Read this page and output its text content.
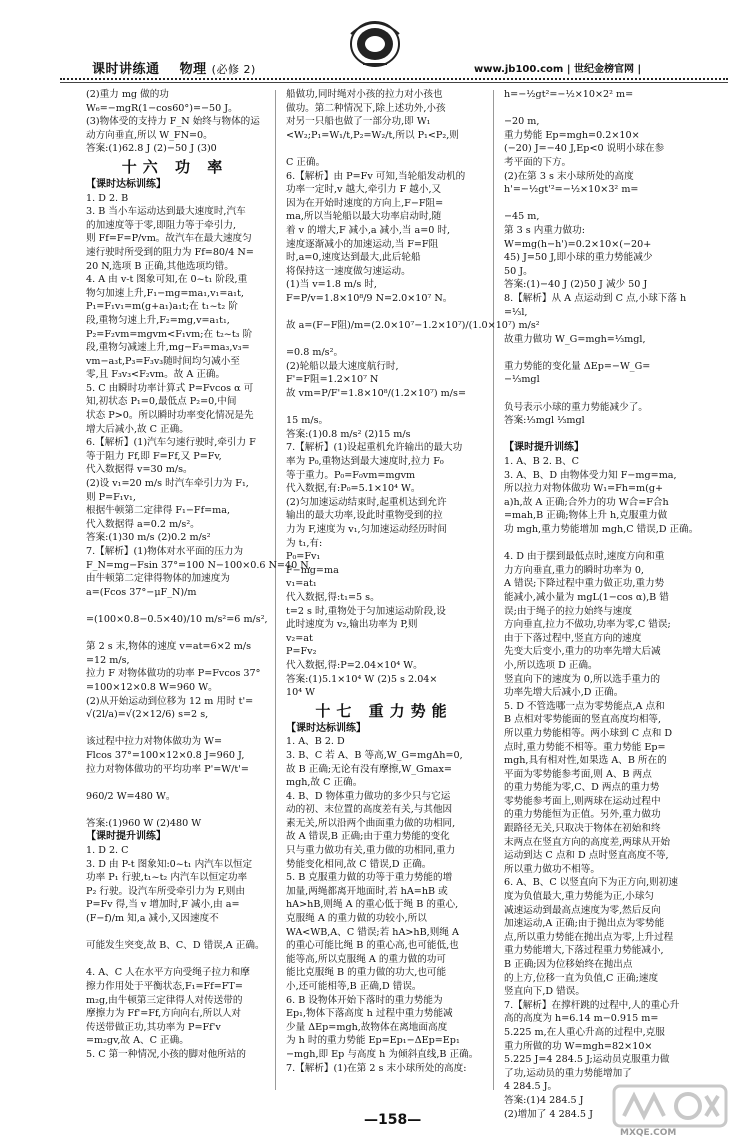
课时讲练通 物理 (必修 2)	www.jb100.com | 世纪金榜官网 |
(2)重力 mg 做的功
W₆=−mgR(1−cos60°)=−50 J。
(3)物体受的支持力 F_N 始终与物体的运
动方向垂直,所以 W_FN=0。
答案:(1)62.8 J (2)−50 J (3)0
十六 功 率
【课时达标训练】
1. D 2. B
3. B 当小车运动达到最大速度时,汽车
的加速度等于零,即阻力等于牵引力,
则 Ff=F=P/vm。故汽车在最大速度匀
速行驶时所受到的阻力为 Ff=80/4 N=
20 N,选项 B 正确,其他选项均错。
4. A 由 v-t 图象可知,在 0~t₁ 阶段,重
物匀加速上升,F₁−mg=ma₁,v₁=a₁t,
P₁=F₁v₁=m(g+a₁)a₁t;在 t₁~t₂ 阶
段,重物匀速上升,F₂=mg,v=a₁t₁,
P₂=F₂vm=mgvm<F₁vm;在 t₂~t₃ 阶
段,重物匀减速上升,mg−F₃=ma₃,v₃=
vm−a₃t,P₃=F₃v₃随时间均匀减小至
零,且 F₃v₃<F₂vm。故 A 正确。
5. C 由瞬时功率计算式 P=Fvcos α 可
知,初状态 P₁=0,最低点 P₂=0,中间
状态 P>0。所以瞬时功率变化情况是先
增大后减小,故 C 正确。
6.【解析】(1)汽车匀速行驶时,牵引力 F
等于阻力 Ff,即 F=Ff,又 P=Fv,
代入数据得 v=30 m/s。
(2)设 v₁=20 m/s 时汽车牵引力为 F₁,
则 P=F₁v₁,
根据牛顿第二定律得 F₁−Ff=ma,
代入数据得 a=0.2 m/s²。
答案:(1)30 m/s (2)0.2 m/s²
7.【解析】(1)物体对水平面的压力为
F_N=mg−Fsin 37°=100 N−100×0.6 N=40 N,
由牛顿第二定律得物体的加速度为
a=(Fcos 37°−μF_N)/m

=(100×0.8−0.5×40)/10 m/s²=6 m/s²,

第 2 s 末,物体的速度 v=at=6×2 m/s
=12 m/s,
拉力 F 对物体做功的功率 P=Fvcos 37°
=100×12×0.8 W=960 W。
(2)从开始运动到位移为 12 m 用时 t'=
√(2l/a)=√(2×12/6) s=2 s,

该过程中拉力对物体做功为 W=
Flcos 37°=100×12×0.8 J=960 J,
拉力对物体做功的平均功率 P'=W/t'=

960/2 W=480 W。

答案:(1)960 W (2)480 W
【课时提升训练】
1. D 2. C
3. D 由 P-t 图象知:0~t₁ 内汽车以恒定
功率 P₁ 行驶,t₁~t₂ 内汽车以恒定功率
P₂ 行驶。设汽车所受牵引力为 F,则由
P=Fv 得,当 v 增加时,F 减小,由 a=
(F−f)/m 知,a 减小,又因速度不

可能发生突变,故 B、C、D 错误,A 正确。

4. A、C 人在水平方向受绳子拉力和摩
擦力作用处于平衡状态,F₁=Ff=FT=
m₂g,由牛顿第三定律得人对传送带的
摩擦力为 Ff'=Ff,方向向右,所以人对
传送带做正功,其功率为 P=Ff'v
=m₂gv,故 A、C 正确。
5. C 第一种情况,小孩的脚对他所站的
船做功,同时绳对小孩的拉力对小孩也
做功。第二种情况下,除上述功外,小孩
对另一只船也做了一部分功,即 W₁
<W₂;P₁=W₁/t,P₂=W₂/t,所以 P₁<P₂,则

C 正确。
6.【解析】由 P=Fv 可知,当轮船发动机的
功率一定时,v 越大,牵引力 F 越小,又
因为在开始时速度的方向上,F−F阻=
ma,所以当轮船以最大功率启动时,随
着 v 的增大,F 减小,a 减小,当 a=0 时,
速度逐渐减小的加速运动,当 F=F阻
时,a=0,速度达到最大,此后轮船
将保持这一速度做匀速运动。
(1)当 v=1.8 m/s 时,
F=P/v=1.8×10⁸/9 N=2.0×10⁷ N。

故 a=(F−F阻)/m=(2.0×10⁷−1.2×10⁷)/(1.0×10⁷) m/s²

=0.8 m/s²。
(2)轮船以最大速度航行时,
F'=F阻=1.2×10⁷ N
故 vm=P/F'=1.8×10⁸/(1.2×10⁷) m/s=

15 m/s。
答案:(1)0.8 m/s² (2)15 m/s
7.【解析】(1)设起重机允许输出的最大功
率为 P₀,重物达到最大速度时,拉力 F₀
等于重力。P₀=F₀vm=mgvm
代入数据,有:P₀=5.1×10⁴ W。
(2)匀加速运动结束时,起重机达到允许
输出的最大功率,设此时重物受到的拉
力为 F,速度为 v₁,匀加速运动经历时间
为 t₁,有:
P₀=Fv₁
F−mg=ma
v₁=at₁
代入数据,得:t₁=5 s。
t=2 s 时,重物处于匀加速运动阶段,设
此时速度为 v₂,输出功率为 P,则
v₂=at
P=Fv₂
代入数据,得:P=2.04×10⁴ W。
答案:(1)5.1×10⁴ W (2)5 s 2.04×
10⁴ W
十七 重力势能
【课时达标训练】
1. A、B 2. D
3. B、C 若 A、B 等高,W_G=mgΔh=0,
故 B 正确;无论有没有摩擦,W_Gmax=
mgh,故 C 正确。
4. B、D 物体重力做功的多少只与它运
动的初、末位置的高度差有关,与其他因
素无关,所以沿两个曲面重力做的功相同,
故 A 错误,B 正确;由于重力势能的变化
只与重力做功有关,重力做的功相同,重力
势能变化相同,故 C 错误,D 正确。
5. B 克服重力做的功等于重力势能的增
加量,两绳都离开地面时,若 hA=hB 或
hA>hB,则绳 A 的重心低于绳 B 的重心,
克服绳 A 的重力做的功较小,所以
WA<WB,A、C 错误;若 hA>hB,则绳 A
的重心可能比绳 B 的重心高,也可能低,也
能等高,所以克服绳 A 的重力做的功可
能比克服绳 B 的重力做的功大,也可能
小,还可能相等,B 正确,D 错误。
6. B 设物体开始下落时的重力势能为
Ep₁,物体下落高度 h 过程中重力势能减
少量 ΔEp=mgh,故物体在离地面高度
为 h 时的重力势能 Ep=Ep₁−ΔEp=Ep₁
−mgh,即 Ep 与高度 h 为倾斜直线,B 正确。
7.【解析】(1)在第 2 s 末小球所处的高度:
h=−½gt²=−½×10×2² m=

−20 m,
重力势能 Ep=mgh=0.2×10×
(−20) J=−40 J,Ep<0 说明小球在参
考平面的下方。
(2)在第 3 s 末小球所处的高度
h'=−½gt'²=−½×10×3² m=

−45 m,
第 3 s 内重力做功:
W=mg(h−h')=0.2×10×(−20+
45) J=50 J,即小球的重力势能减少
50 J。
答案:(1)−40 J (2)50 J 减少 50 J
8.【解析】从 A 点运动到 C 点,小球下落 h
=⅓l,

故重力做功 W_G=mgh=⅓mgl,

重力势能的变化量 ΔEp=−W_G=
−⅓mgl

负号表示小球的重力势能减少了。
答案:⅓mgl ⅓mgl

【课时提升训练】
1. A、B 2. B、C
3. A、B、D 由物体受力知 F−mg=ma,
所以拉力对物体做功 W₁=Fh=m(g+
a)h,故 A 正确;合外力的功 W合=F合h
=mah,B 正确;物体上升 h,克服重力做
功 mgh,重力势能增加 mgh,C 错误,D 正确。

4. D 由于摆到最低点时,速度方向和重
力方向垂直,重力的瞬时功率为 0,
A 错误;下降过程中重力做正功,重力势
能减小,减小量为 mgL(1−cos α),B 错
误;由于绳子的拉力始终与速度
方向垂直,拉力不做功,功率为零,C 错误;
由于下落过程中,竖直方向的速度
先变大后变小,重力的功率先增大后减
小,所以选项 D 正确。
竖直向下的速度为 0,所以选手重力的
功率先增大后减小,D 正确。
5. D 不管选哪一点为零势能点,A 点和
B 点相对零势能面的竖直高度均相等,
所以重力势能相等。两小球到 C 点和 D
点时,重力势能不相等。重力势能 Ep=
mgh,具有相对性,如果选 A、B 所在的
平面为零势能参考面,则 A、B 两点
的重力势能为零,C、D 两点的重力势
零势能参考面上,则两球在运动过程中
的重力势能恒为正值。另外,重力做功
跟路径无关,只取决于物体在初始和终
末两点在竖直方向的高度差,两球从开始
运动到达 C 点和 D 点时竖直高度不等,
所以重力做功不相等。
6. A、B、C 以竖直向下为正方向,则初速
度为负值最大,重力势能为正,小球匀
减速运动到最高点速度为零,然后反向
加速运动,A 正确;由于抛出点为零势能
点,所以重力势能在抛出点为零,上升过程
重力势能增大,下落过程重力势能减小,
B 正确;因为位移始终在抛出点
的上方,位移一直为负值,C 正确;速度
竖直向下,D 错误。
7.【解析】在撑杆跳的过程中,人的重心升
高的高度为 h=6.14 m−0.915 m=
5.225 m,在人重心升高的过程中,克服
重力所做的功 W=mgh=82×10×
5.225 J=4 284.5 J;运动员克服重力做
了功,运动员的重力势能增加了
4 284.5 J。
答案:(1)4 284.5 J
(2)增加了 4 284.5 J
—158—
MXQE.COM
